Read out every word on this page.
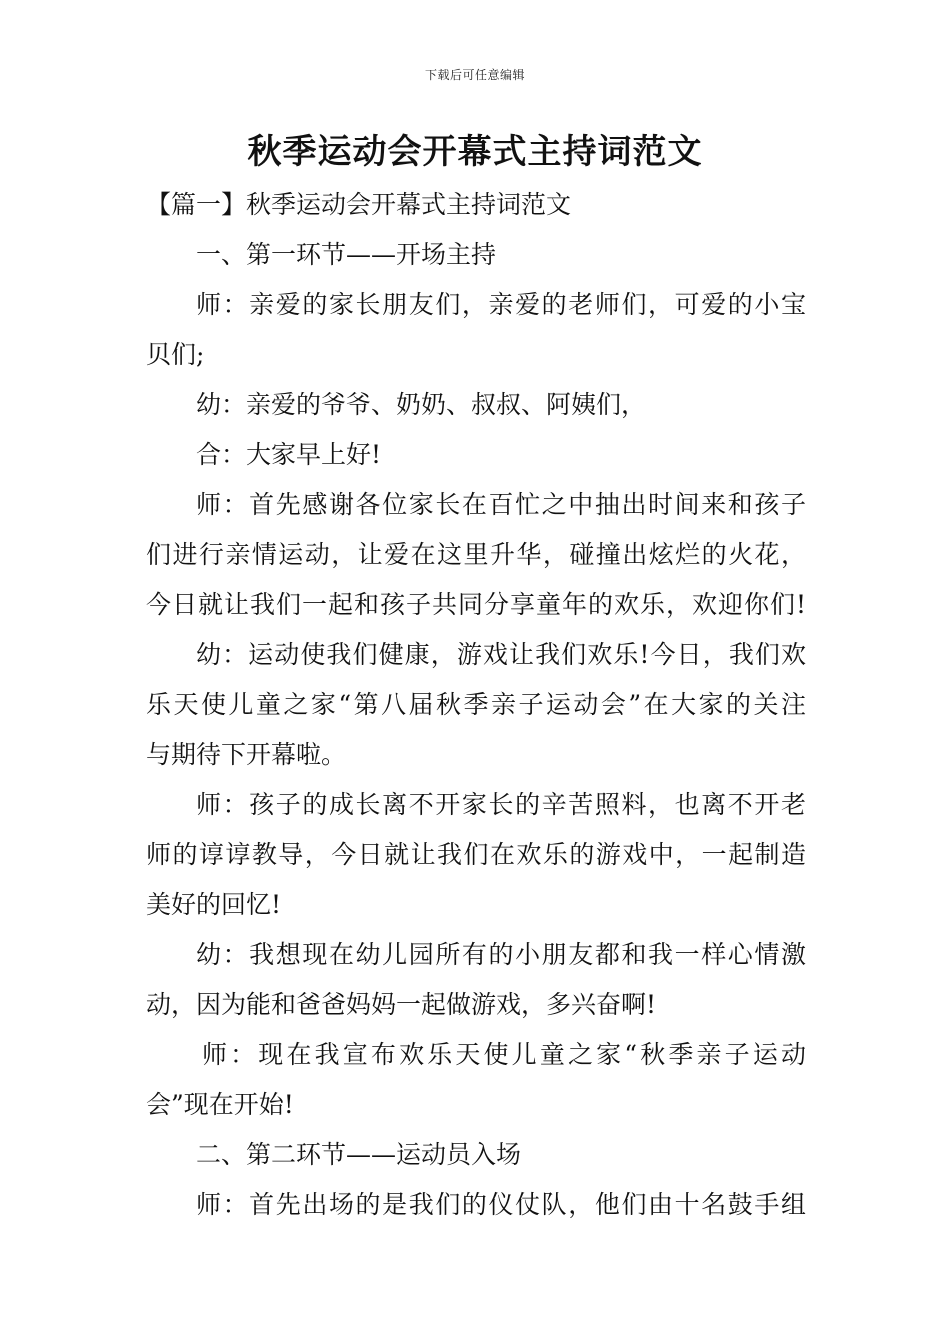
下载后可任意编辑
秋季运动会开幕式主持词范文
【篇一】秋季运动会开幕式主持词范文
一、第一环节——开场主持
师：亲爱的家长朋友们，亲爱的老师们，可爱的小宝
贝们;
幼：亲爱的爷爷、奶奶、叔叔、阿姨们，
合：大家早上好!
师：首先感谢各位家长在百忙之中抽出时间来和孩子
们进行亲情运动，让爱在这里升华，碰撞出炫烂的火花，
今日就让我们一起和孩子共同分享童年的欢乐，欢迎你们!
幼：运动使我们健康，游戏让我们欢乐!今日，我们欢
乐天使儿童之家“第八届秋季亲子运动会”在大家的关注
与期待下开幕啦。
师：孩子的成长离不开家长的辛苦照料，也离不开老
师的谆谆教导，今日就让我们在欢乐的游戏中，一起制造
美好的回忆!
幼：我想现在幼儿园所有的小朋友都和我一样心情激
动，因为能和爸爸妈妈一起做游戏，多兴奋啊!
师：现在我宣布欢乐天使儿童之家“秋季亲子运动
会”现在开始!
二、第二环节——运动员入场
师：首先出场的是我们的仪仗队，他们由十名鼓手组
